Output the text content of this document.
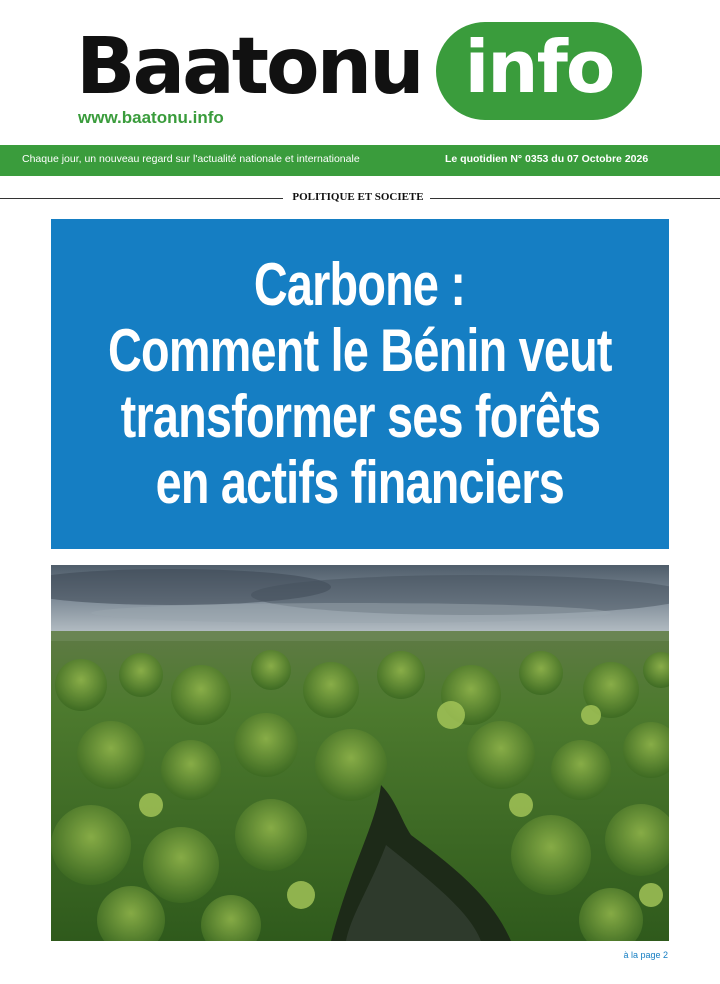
Baatonu info
www.baatonu.info
Chaque jour, un nouveau regard sur l'actualité nationale et internationale	Le quotidien N° 0353 du 07 Octobre 2026
POLITIQUE ET SOCIETE
Carbone :
Comment le Bénin veut
transformer ses forêts
en actifs financiers
à la page 2
